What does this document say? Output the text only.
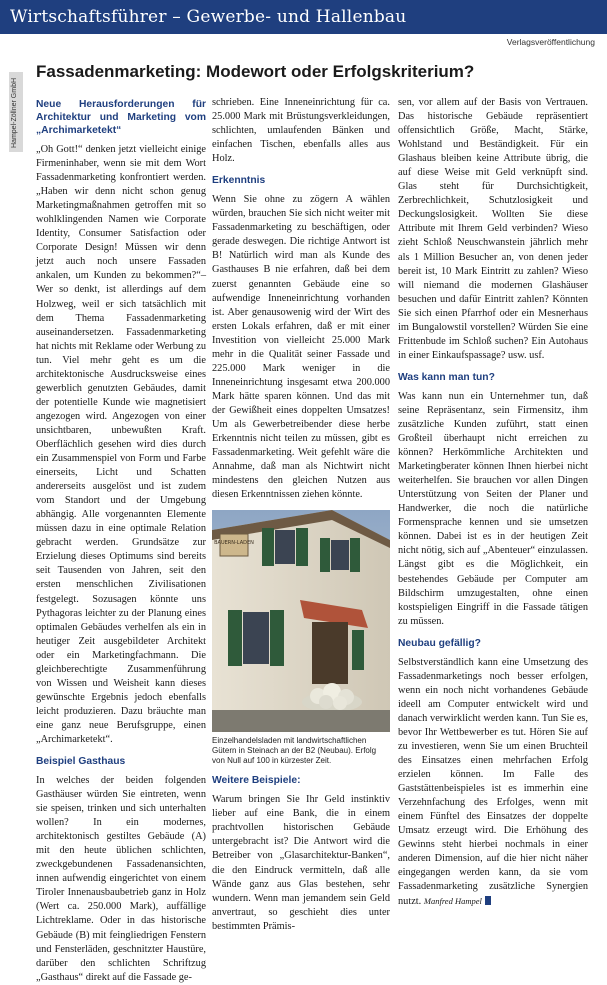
Wirtschaftsführer – Gewerbe- und Hallenbau
Verlagsveröffentlichung
Hampel-Zöllner GmbH
Fassadenmarketing: Modewort oder Erfolgskriterium?
Neue Herausforderungen für Architektur und Marketing vom „Archimarketekt“

„Oh Gott!“ denken jetzt vielleicht einige Firmeninhaber, wenn sie mit dem Wort Fassadenmarketing konfrontiert werden. „Haben wir denn nicht schon genug Marketingmaßnahmen getroffen mit so wohlklingenden Namen wie Corporate Identity, Consumer Satisfaction oder Corporate Design! Müssen wir denn jetzt auch noch unsere Fassaden ankalen, um Kunden zu bekommen?“– Wer so denkt, ist allerdings auf dem Holzweg, weil er sich tatsächlich mit dem Thema Fassadenmarketing auseinandersetzen. Fassadenmarketing hat nichts mit Reklame oder Werbung zu tun. Viel mehr geht es um die architektonische Ausdrucksweise eines gewerblich genutzten Gebäudes, damit der potentielle Kunde wie magnetisiert angezogen wird. Angezogen von einer unsichtbaren, unbewußten Kraft. Oberflächlich gesehen wird dies durch ein Zusammenspiel von Form und Farbe einerseits, Licht und Schatten andererseits ausgelöst und ist zudem vom Standort und der Umgebung abhängig. Alle vorgenannten Elemente müssen dazu in eine optimale Relation gebracht werden. Grundsätze zur Erzielung dieses Optimums sind bereits seit Tausenden von Jahren, seit den ersten menschlichen Zivilisationen festgelegt. Sozusagen könnte uns Pythagoras leichter zu der Planung eines optimalen Gebäudes verhelfen als ein in heutiger Zeit ausgebildeter Architekt oder ein Marketingfachmann. Die gleichberechtigte Zusammenführung von Wissen und Weisheit kann dieses gewünschte Ergebnis jedoch ebenfalls leicht produzieren. Dazu bräuchte man eine ganz neue Berufsgruppe, einen „Archimarketekt“.

Beispiel Gasthaus

In welches der beiden folgenden Gasthäuser würden Sie eintreten, wenn sie speisen, trinken und sich unterhalten wollen? In ein modernes, architektonisch gestiltes Gebäude (A) mit den heute üblichen schlichten, zweckgebundenen Fassadenansichten, innen aufwendig eingerichtet von einem Tiroler Innenausbaubetrieb ganz in Holz (Wert ca. 250.000 Mark), auffällige Lichtreklame. Oder in das historische Gebäude (B) mit feingliedrigen Fenstern und Fensterläden, geschnitzter Haustüre, darüber den schlichten Schriftzug „Gasthaus“ direkt auf die Fassade ge-

schrieben. Eine Inneneinrichtung für ca. 25.000 Mark mit Brüstungsverkleidungen, schlichten, umlaufenden Bänken und einfachen Tischen, ebenfalls alles aus Holz.

Erkenntnis

Wenn Sie ohne zu zögern A wählen würden, brauchen Sie sich nicht weiter mit Fassadenmarketing zu beschäftigen, oder gerade deswegen. Die richtige Antwort ist B! Natürlich wird man als Kunde des Gasthauses B nie erfahren, daß bei dem zuerst genannten Gebäude eine so aufwendige Inneneinrichtung vorhanden ist. Aber genausowenig wird der Wirt des ersten Lokals erfahren, daß er mit einer Investition von vielleicht 25.000 Mark mehr in die Qualität seiner Fassade und 225.000 Mark weniger in die Inneneinrichtung insgesamt etwa 200.000 Mark hätte sparen können. Und das mit der Gewißheit eines doppelten Umsatzes! Um als Gewerbetreibender diese herbe Erkenntnis nicht teilen zu müssen, gibt es Fassadenmarketing. Weit gefehlt wäre die Annahme, daß man als Nichtwirt nicht mindestens den gleichen Nutzen aus diesen Erkenntnissen ziehen könnte.

BAUERN-LADEN
Einzelhandelsladen mit landwirtschaftlichen Gütern in Steinach an der B2 (Neubau). Erfolg von Null auf 100 in kürzester Zeit.
Weitere Beispiele:

Warum bringen Sie Ihr Geld instinktiv lieber auf eine Bank, die in einem prachtvollen historischen Gebäude untergebracht ist? Die Antwort wird die Betreiber von „Glasarchitektur-Banken“, die den Eindruck vermitteln, daß alle Wände ganz aus Glas bestehen, sehr wundern. Wenn man jemandem sein Geld anvertraut, so geschieht dies unter bestimmten Prämis-

sen, vor allem auf der Basis von Vertrauen. Das historische Gebäude repräsentiert offensichtlich Größe, Macht, Stärke, Wohlstand und Beständigkeit. Für ein Glashaus bleiben keine Attribute übrig, die auf diese Weise mit Geld verknüpft sind. Glas steht für Durchsichtigkeit, Zerbrechlichkeit, Schutzlosigkeit und Deckungslosigkeit. Wollten Sie diese Attribute mit Ihrem Geld verbinden? Wieso zieht Schloß Neuschwanstein jährlich mehr als 1 Million Besucher an, von denen jeder bereit ist, 10 Mark Eintritt zu zahlen? Wieso will niemand die modernen Glashäuser besuchen und dafür Eintritt zahlen? Könnten Sie sich einen Pfarrhof oder ein Mesnerhaus im Bungalowstil vorstellen? Würden Sie eine Frittenbude im Schloß suchen? Ein Autohaus in einer Einkaufspassage? usw. usf.

Was kann man tun?

Was kann nun ein Unternehmer tun, daß seine Repräsentanz, sein Firmensitz, ihm zusätzliche Kunden zuführt, statt einen Großteil überhaupt nicht erreichen zu können? Herkömmliche Architekten und Marketingberater können Ihnen hierbei nicht weiterhelfen. Sie brauchen vor allen Dingen Unterstützung von Seiten der Planer und Handwerker, die noch die natürliche Formensprache kennen und sie umsetzen können. Dabei ist es in der heutigen Zeit nicht nötig, sich auf „Abenteuer“ einzulassen. Längst gibt es die Möglichkeit, ein bestehendes Gebäude per Computer am Bildschirm umzugestalten, ohne einen kostspieligen Eingriff in die Fassade tätigen zu müssen.

Neubau gefällig?

Selbstverständlich kann eine Umsetzung des Fassadenmarketings noch besser erfolgen, wenn ein noch nicht vorhandenes Gebäude ideell am Computer entwickelt wird und danach verwirklicht werden kann. Tun Sie es, bevor Ihr Wettbewerber es tut. Hören Sie auf zu investieren, wenn Sie um einen Bruchteil des Einsatzes einen mehrfachen Erfolg erzielen können. Im Falle des Gaststättenbeispieles ist es immerhin eine Verzehnfachung des Erfolges, wenn mit einem Fünftel des Einsatzes der doppelte Umsatz erzeugt wird. Die Erhöhung des Gewinns steht hierbei nochmals in einer anderen Dimension, auf die hier nicht näher eingegangen werden kann, da sie vom Fassadenmarketing zusätzliche Synergien nutzt. Manfred Hampel
